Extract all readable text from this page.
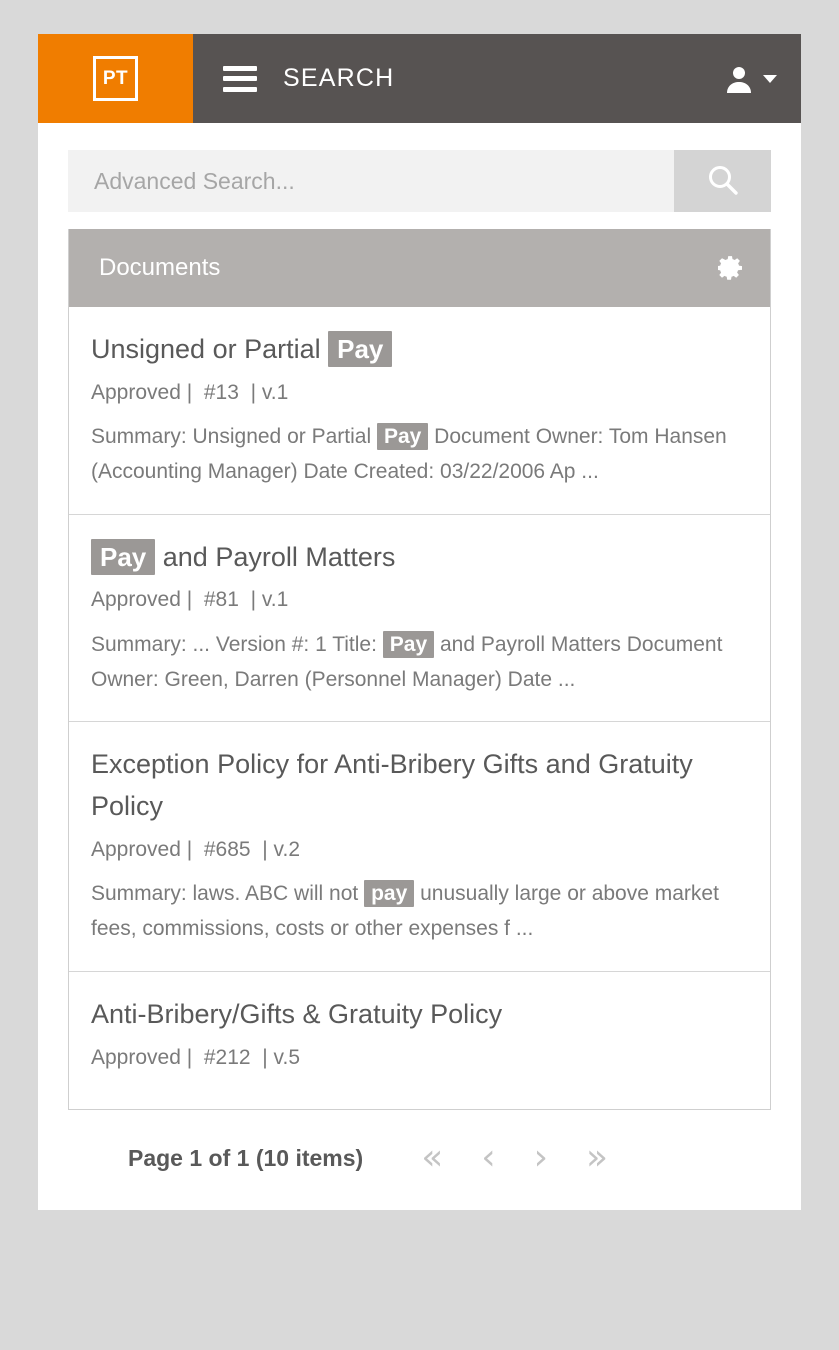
PT	SEARCH
Advanced Search...
Documents
Unsigned or Partial Pay
Approved | #13 | v.1
Summary: Unsigned or Partial Pay Document Owner: Tom Hansen (Accounting Manager) Date Created: 03/22/2006 Ap ...
Pay and Payroll Matters
Approved | #81 | v.1
Summary: ... Version #: 1 Title: Pay and Payroll Matters Document Owner: Green, Darren (Personnel Manager) Date ...
Exception Policy for Anti-Bribery Gifts and Gratuity Policy
Approved | #685 | v.2
Summary: laws. ABC will not pay unusually large or above market fees, commissions, costs or other expenses f ...
Anti-Bribery/Gifts & Gratuity Policy
Approved | #212 | v.5
Page 1 of 1 (10 items) « ‹ › »
